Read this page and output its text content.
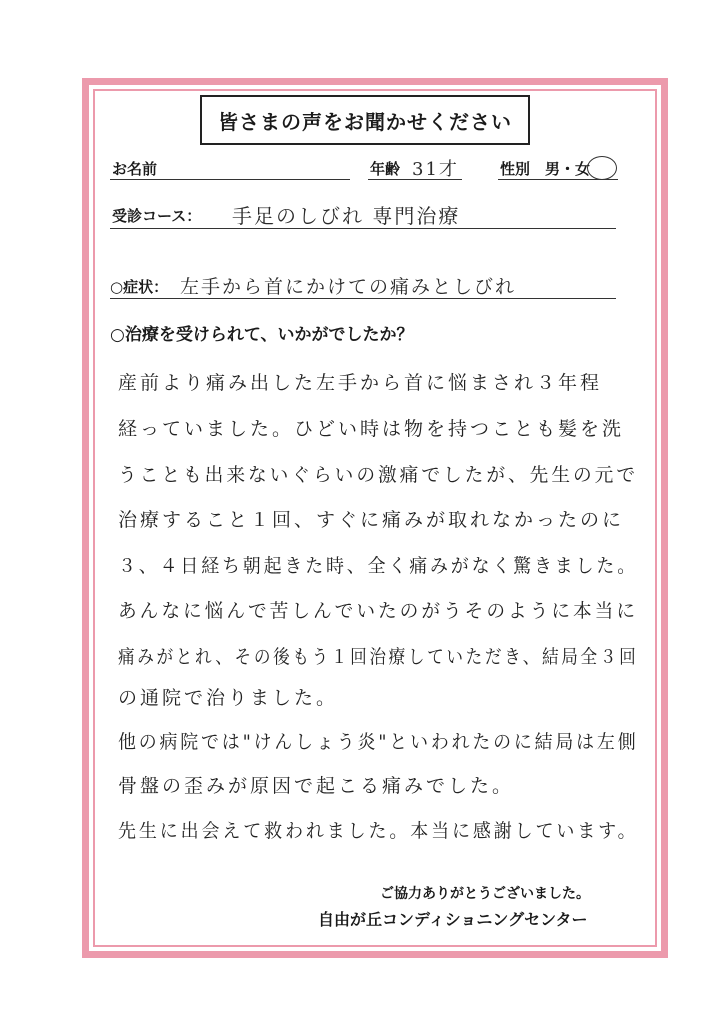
皆さまの声をお聞かせください
お名前	年齢 31才	性別 男・女
受診コース： 手足のしびれ 専門治療
○症状： 左手から首にかけての痛みとしびれ
○治療を受けられて、いかがでしたか？
産前より痛み出した左手から首に悩まされ３年程
経っていました。ひどい時は物を持つことも髪を洗
うことも出来ないぐらいの激痛でしたが、先生の元で
治療すること１回、すぐに痛みが取れなかったのに
３、４日経ち朝起きた時、全く痛みがなく驚きました。
あんなに悩んで苦しんでいたのがうそのように本当に
痛みがとれ、その後もう１回治療していただき、結局全３回
の通院で治りました。
他の病院では"けんしょう炎"といわれたのに結局は左側
骨盤の歪みが原因で起こる痛みでした。
先生に出会えて救われました。本当に感謝しています。
ご協力ありがとうございました。
自由が丘コンディショニングセンター
